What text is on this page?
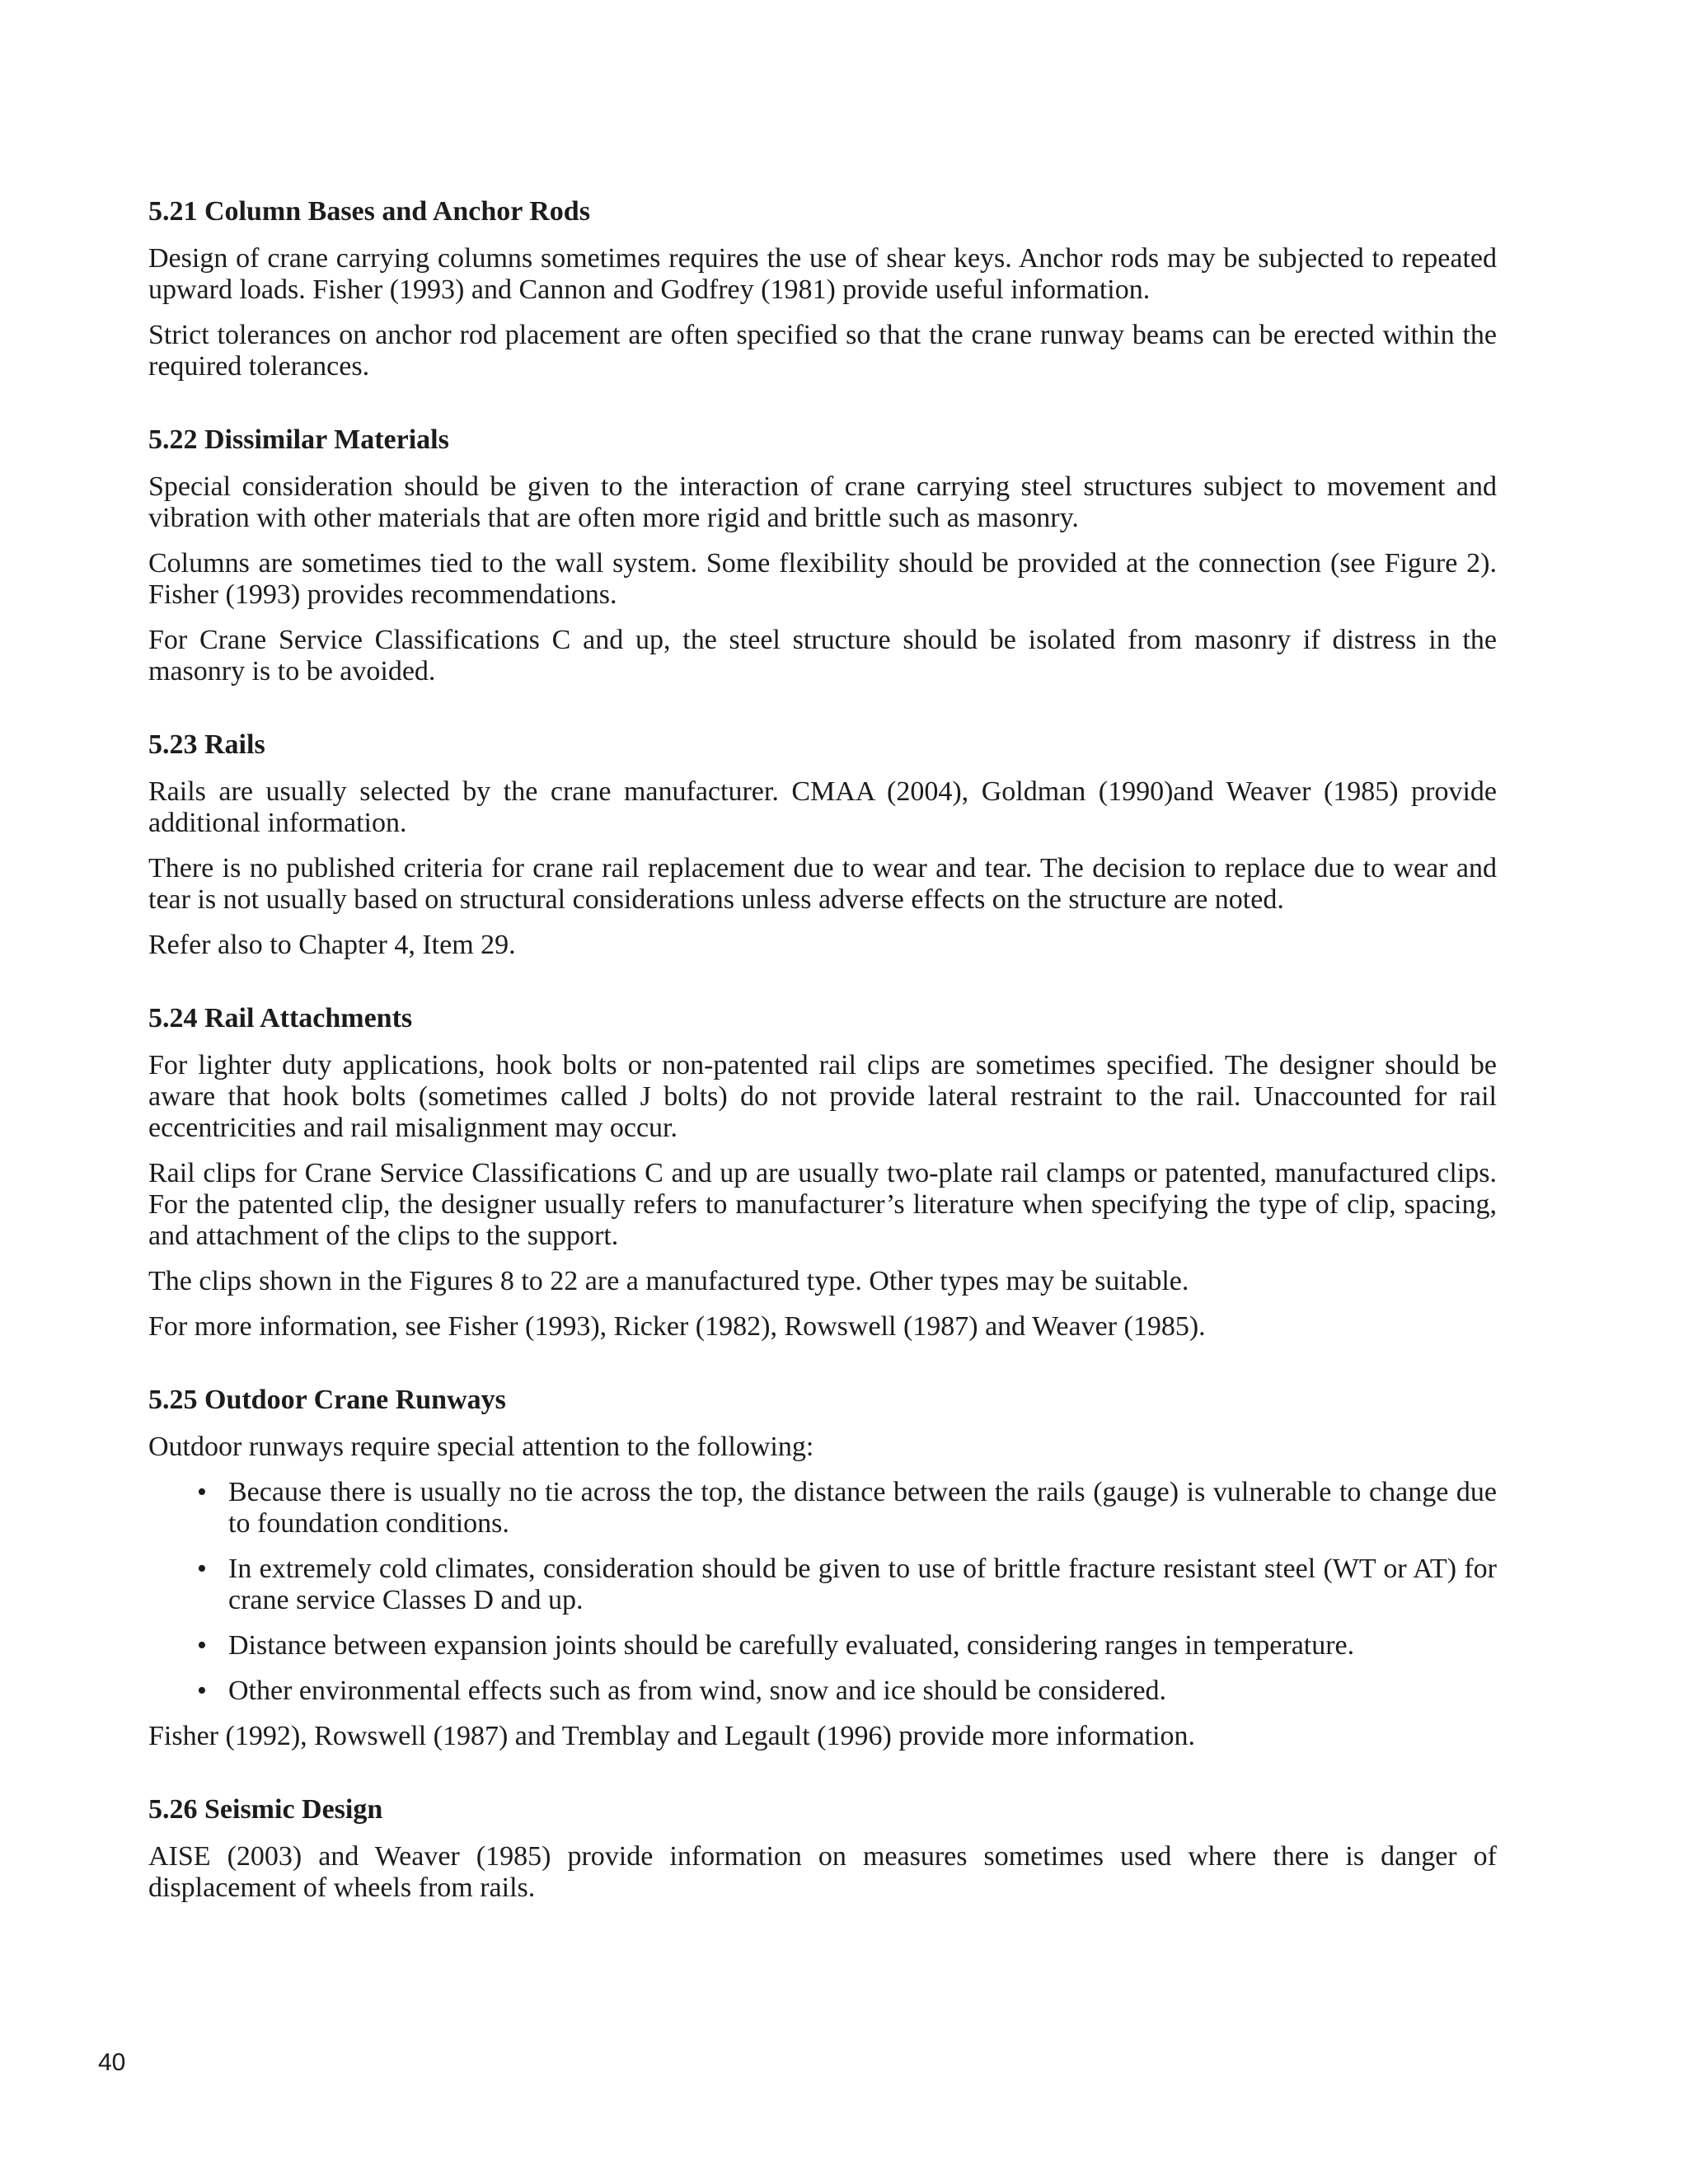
5.21 Column Bases and Anchor Rods

Design of crane carrying columns sometimes requires the use of shear keys. Anchor rods may be subjected to repeated upward loads. Fisher (1993) and Cannon and Godfrey (1981) provide useful information.

Strict tolerances on anchor rod placement are often specified so that the crane runway beams can be erected within the required tolerances.

5.22 Dissimilar Materials

Special consideration should be given to the interaction of crane carrying steel structures subject to movement and vibration with other materials that are often more rigid and brittle such as masonry.

Columns are sometimes tied to the wall system. Some flexibility should be provided at the connection (see Figure 2). Fisher (1993) provides recommendations.

For Crane Service Classifications C and up, the steel structure should be isolated from masonry if distress in the masonry is to be avoided.

5.23 Rails

Rails are usually selected by the crane manufacturer. CMAA (2004), Goldman (1990)and Weaver (1985) provide additional information.

There is no published criteria for crane rail replacement due to wear and tear. The decision to replace due to wear and tear is not usually based on structural considerations unless adverse effects on the structure are noted.

Refer also to Chapter 4, Item 29.

5.24 Rail Attachments

For lighter duty applications, hook bolts or non-patented rail clips are sometimes specified. The designer should be aware that hook bolts (sometimes called J bolts) do not provide lateral restraint to the rail. Unaccounted for rail eccentricities and rail misalignment may occur.

Rail clips for Crane Service Classifications C and up are usually two-plate rail clamps or patented, manufactured clips. For the patented clip, the designer usually refers to manufacturer’s literature when specifying the type of clip, spacing, and attachment of the clips to the support.

The clips shown in the Figures 8 to 22 are a manufactured type. Other types may be suitable.

For more information, see Fisher (1993), Ricker (1982), Rowswell (1987) and Weaver (1985).

5.25 Outdoor Crane Runways

Outdoor runways require special attention to the following:

• Because there is usually no tie across the top, the distance between the rails (gauge) is vulnerable to change due to foundation conditions.
• In extremely cold climates, consideration should be given to use of brittle fracture resistant steel (WT or AT) for crane service Classes D and up.
• Distance between expansion joints should be carefully evaluated, considering ranges in temperature.
• Other environmental effects such as from wind, snow and ice should be considered.

Fisher (1992), Rowswell (1987) and Tremblay and Legault (1996) provide more information.

5.26 Seismic Design

AISE (2003) and Weaver (1985) provide information on measures sometimes used where there is danger of displacement of wheels from rails.

40
